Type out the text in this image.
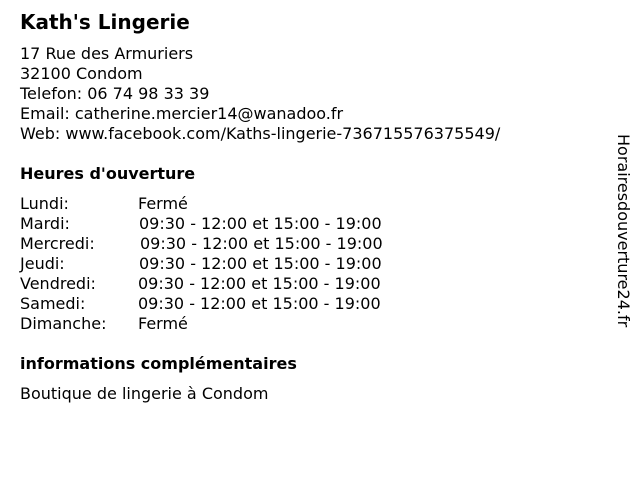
Kath's Lingerie
17 Rue des Armuriers
32100 Condom
Telefon: 06 74 98 33 39
Email: catherine.mercier14@wanadoo.fr
Web: www.facebook.com/Kaths-lingerie-736715576375549/
Heures d'ouverture
Lundi:	Fermé
Mardi:	09:30 - 12:00 et 15:00 - 19:00
Mercredi:	09:30 - 12:00 et 15:00 - 19:00
Jeudi:	09:30 - 12:00 et 15:00 - 19:00
Vendredi:	09:30 - 12:00 et 15:00 - 19:00
Samedi:	09:30 - 12:00 et 15:00 - 19:00
Dimanche: Fermé
informations complémentaires
Boutique de lingerie à Condom
Horairesdouverture24.fr
